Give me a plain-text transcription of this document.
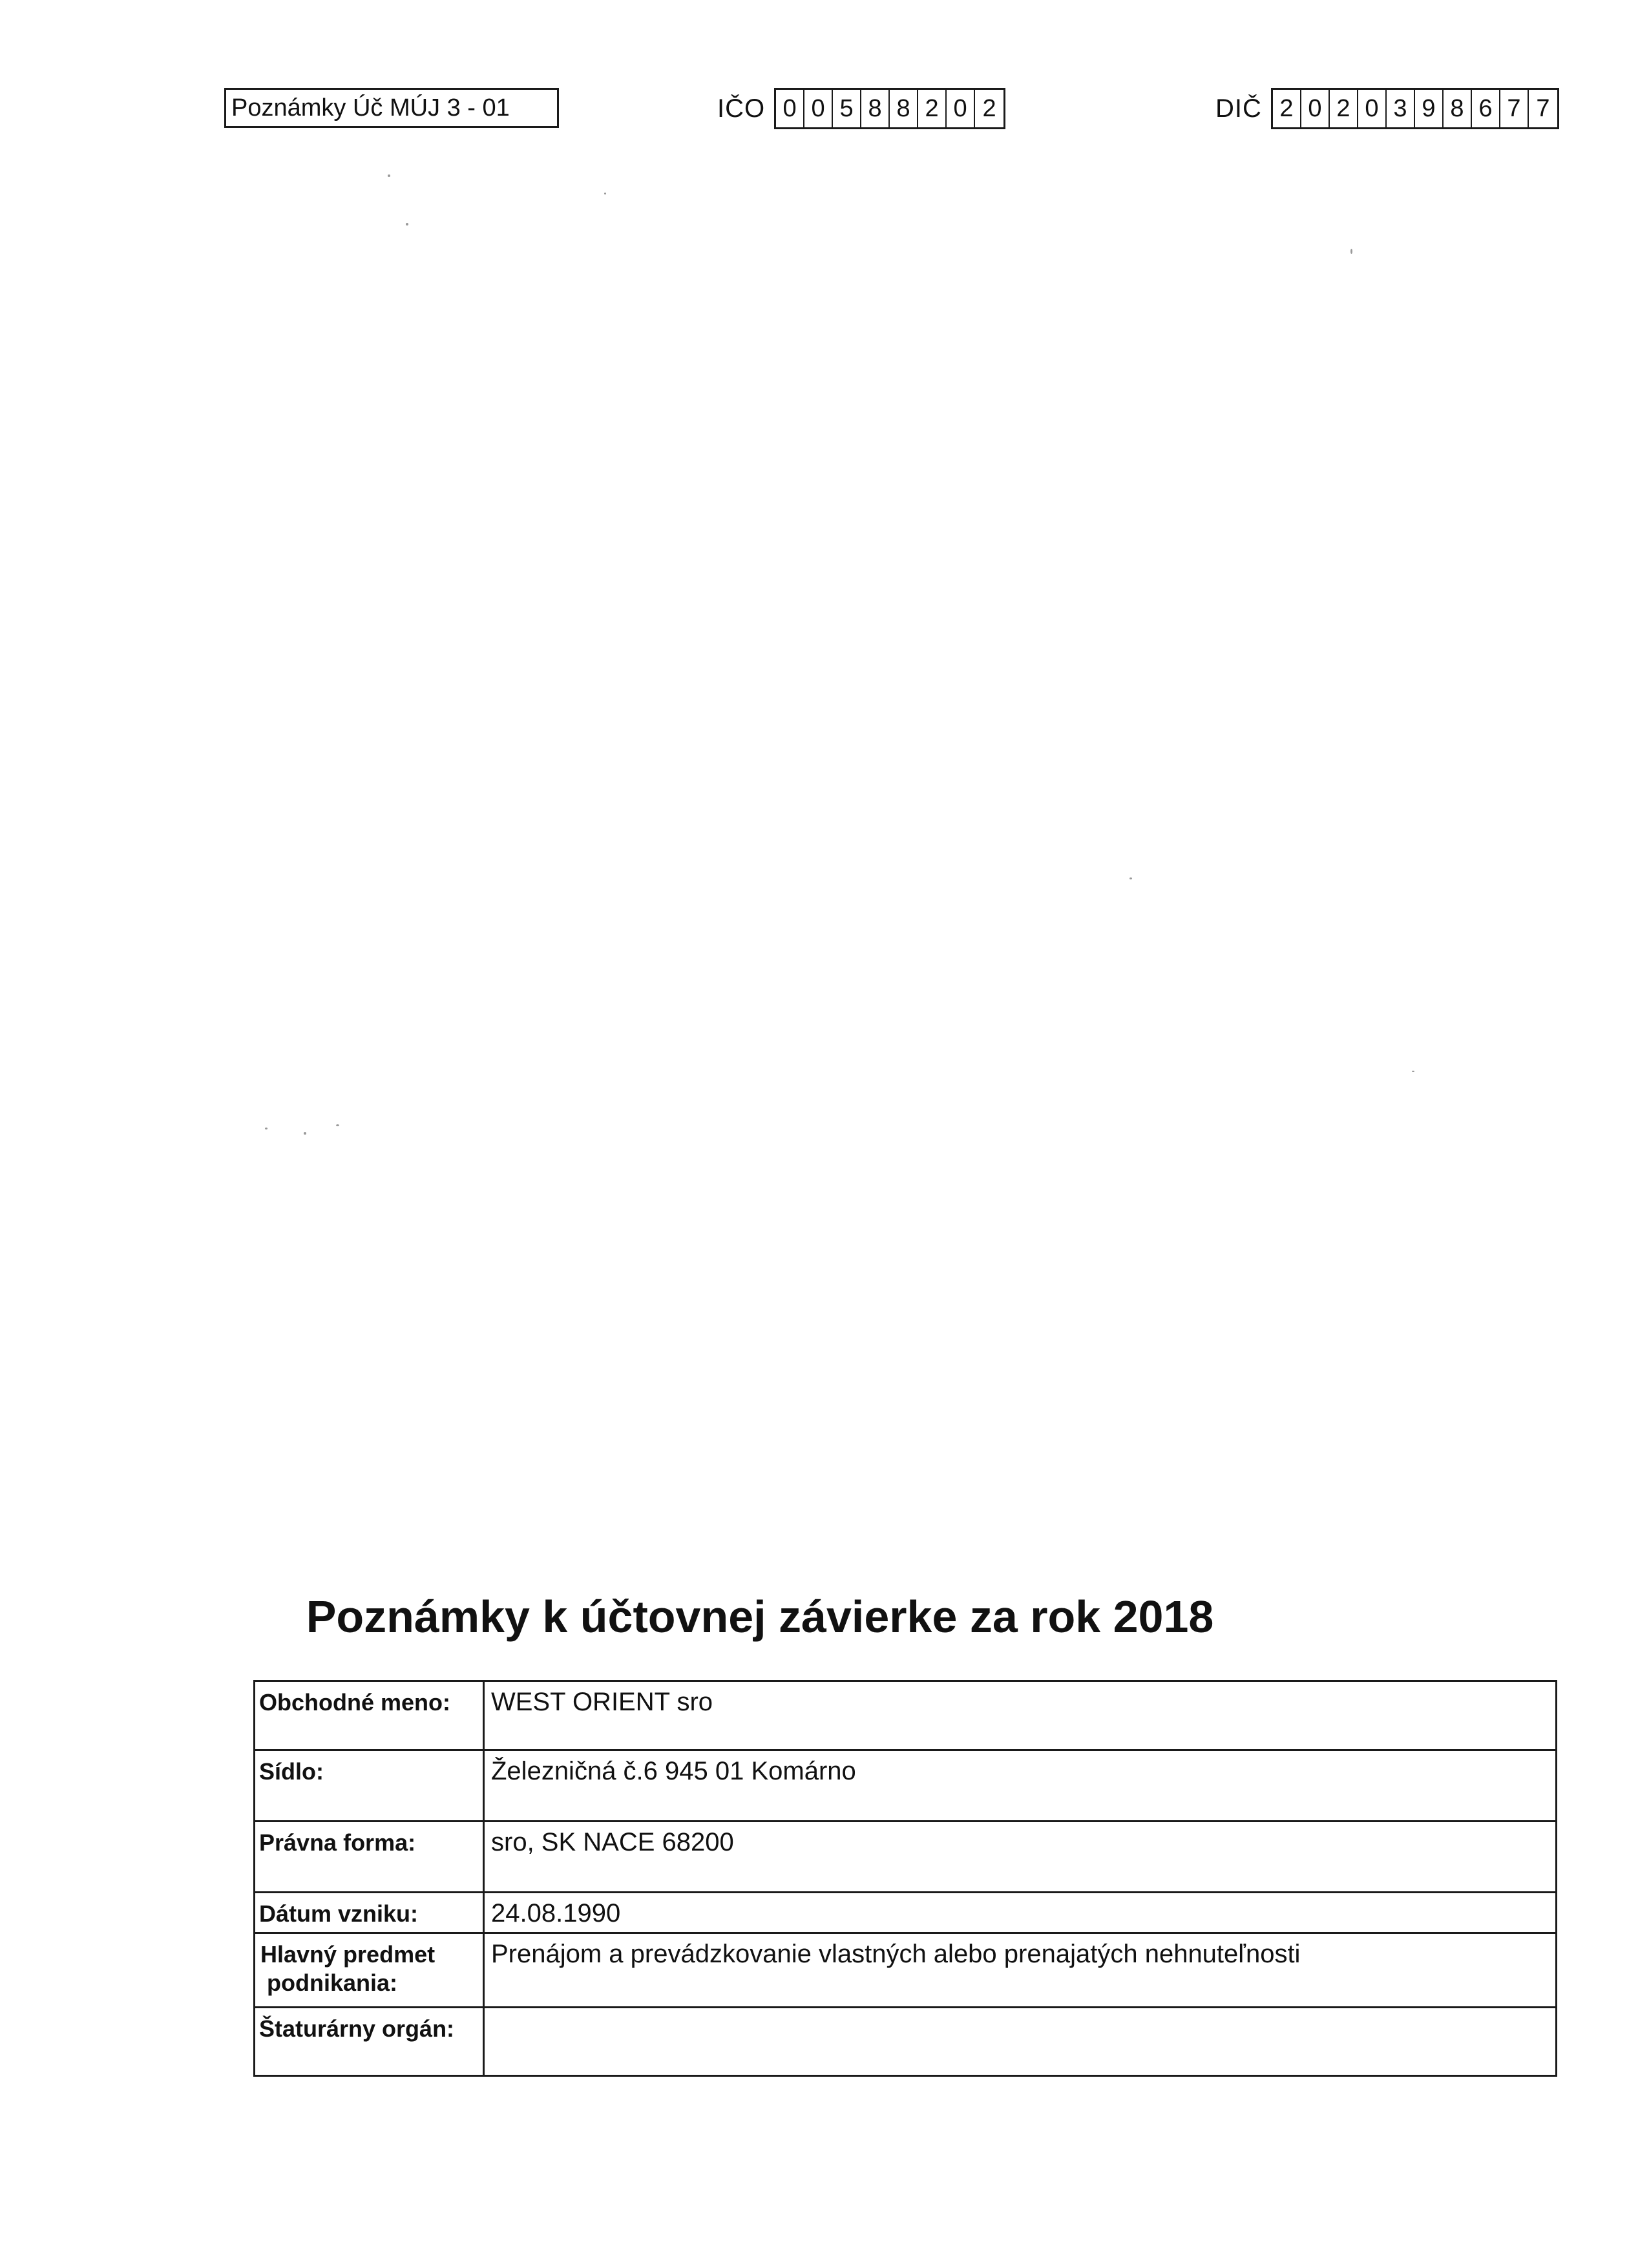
Poznámky Úč MÚJ 3 - 01	IČO 0 0 5 8 8 2 0 2	DIČ 2 0 2 0 3 9 8 6 7 7
Poznámky k účtovnej závierke za rok 2018
Obchodné meno:	WEST ORIENT sro
Sídlo:	Železničná č.6 945 01 Komárno
Právna forma:	sro, SK NACE 68200
Dátum vzniku:	24.08.1990
Hlavný predmet
podnikania:
Prenájom a prevádzkovanie vlastných alebo prenajatých nehnuteľnosti
Štaturárny orgán:
